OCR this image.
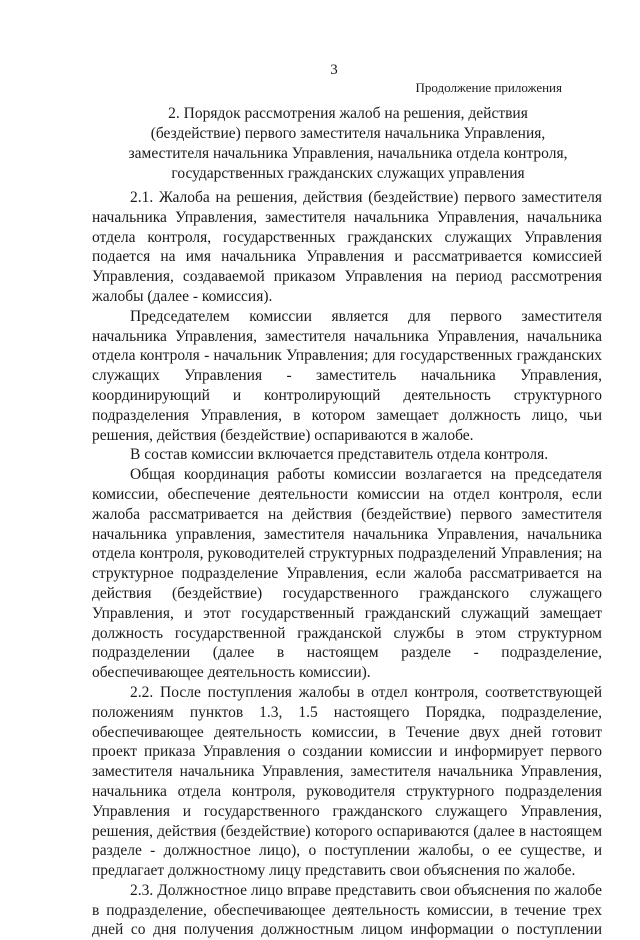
3
Продолжение приложения
2. Порядок рассмотрения жалоб на решения, действия
(бездействие) первого заместителя начальника Управления,
заместителя начальника Управления, начальника отдела контроля,
государственных гражданских служащих управления

2.1. Жалоба на решения, действия (бездействие) первого заместителя начальника Управления, заместителя начальника Управления, начальника отдела контроля, государственных гражданских служащих Управления подается на имя начальника Управления и рассматривается комиссией Управления, создаваемой приказом Управления на период рассмотрения жалобы (далее - комиссия).

Председателем комиссии является для первого заместителя начальника Управления, заместителя начальника Управления, начальника отдела контроля - начальник Управления; для государственных гражданских служащих Управления - заместитель начальника Управления, координирующий и контролирующий деятельность структурного подразделения Управления, в котором замещает должность лицо, чьи решения, действия (бездействие) оспариваются в жалобе.

В состав комиссии включается представитель отдела контроля.

Общая координация работы комиссии возлагается на председателя комиссии, обеспечение деятельности комиссии на отдел контроля, если жалоба рассматривается на действия (бездействие) первого заместителя начальника управления, заместителя начальника Управления, начальника отдела контроля, руководителей структурных подразделений Управления; на структурное подразделение Управления, если жалоба рассматривается на действия (бездействие) государственного гражданского служащего Управления, и этот государственный гражданский служащий замещает должность государственной гражданской службы в этом структурном подразделении (далее в настоящем разделе - подразделение, обеспечивающее деятельность комиссии).

2.2. После поступления жалобы в отдел контроля, соответствующей положениям пунктов 1.3, 1.5 настоящего Порядка, подразделение, обеспечивающее деятельность комиссии, в Течение двух дней готовит проект приказа Управления о создании комиссии и информирует первого заместителя начальника Управления, заместителя начальника Управления, начальника отдела контроля, руководителя структурного подразделения Управления и государственного гражданского служащего Управления, решения, действия (бездействие) которого оспариваются (далее в настоящем разделе - должностное лицо), о поступлении жалобы, о ее существе, и предлагает должностному лицу представить свои объяснения по жалобе.

2.3. Должностное лицо вправе представить свои объяснения по жалобе в подразделение, обеспечивающее деятельность комиссии, в течение трех дней со дня получения должностным лицом информации о поступлении
